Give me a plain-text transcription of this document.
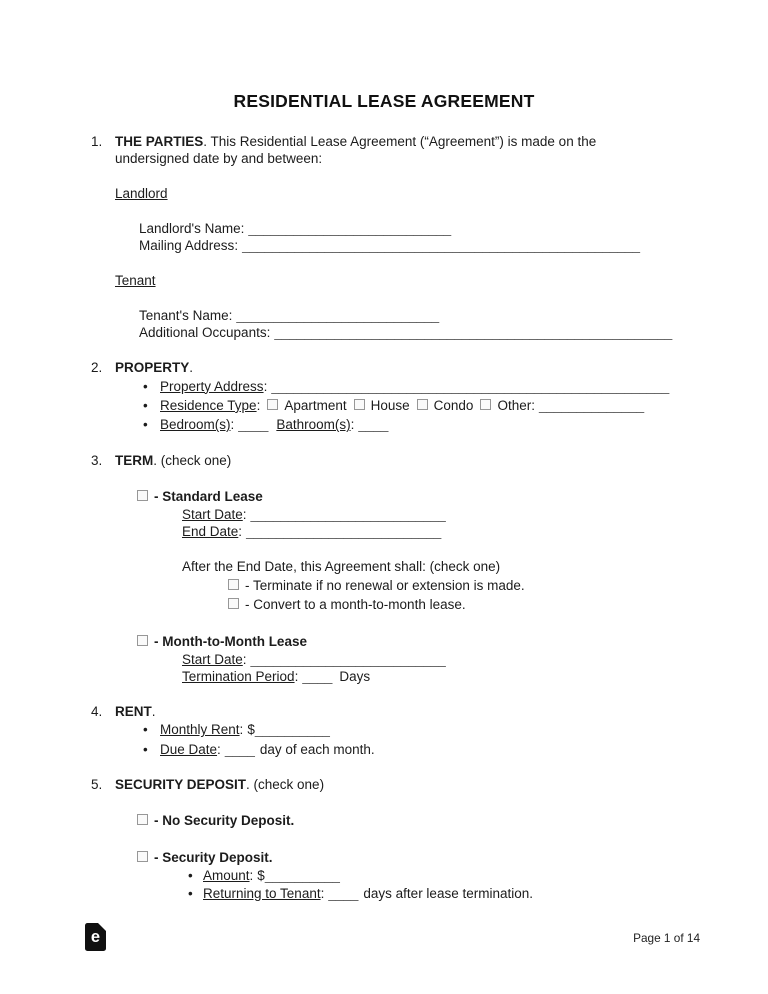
RESIDENTIAL LEASE AGREEMENT
1. THE PARTIES. This Residential Lease Agreement (“Agreement”) is made on the
undersigned date by and between:
Landlord
Landlord's Name: ___________________________
Mailing Address: _____________________________________________________
Tenant
Tenant's Name: ___________________________
Additional Occupants: _____________________________________________________
2. PROPERTY.
• Property Address: _____________________________________________________
• Residence Type: Apartment House Condo Other: ______________
• Bedroom(s): ____ Bathroom(s): ____
3. TERM. (check one)
- Standard Lease
Start Date: __________________________
End Date: __________________________
After the End Date, this Agreement shall: (check one)
- Terminate if no renewal or extension is made.
- Convert to a month-to-month lease.
- Month-to-Month Lease
Start Date: __________________________
Termination Period: ____ Days
4. RENT.
• Monthly Rent: $__________
• Due Date: ____ day of each month.
5. SECURITY DEPOSIT. (check one)
- No Security Deposit.
- Security Deposit.
• Amount: $__________
• Returning to Tenant: ____ days after lease termination.
e	Page 1 of 14
